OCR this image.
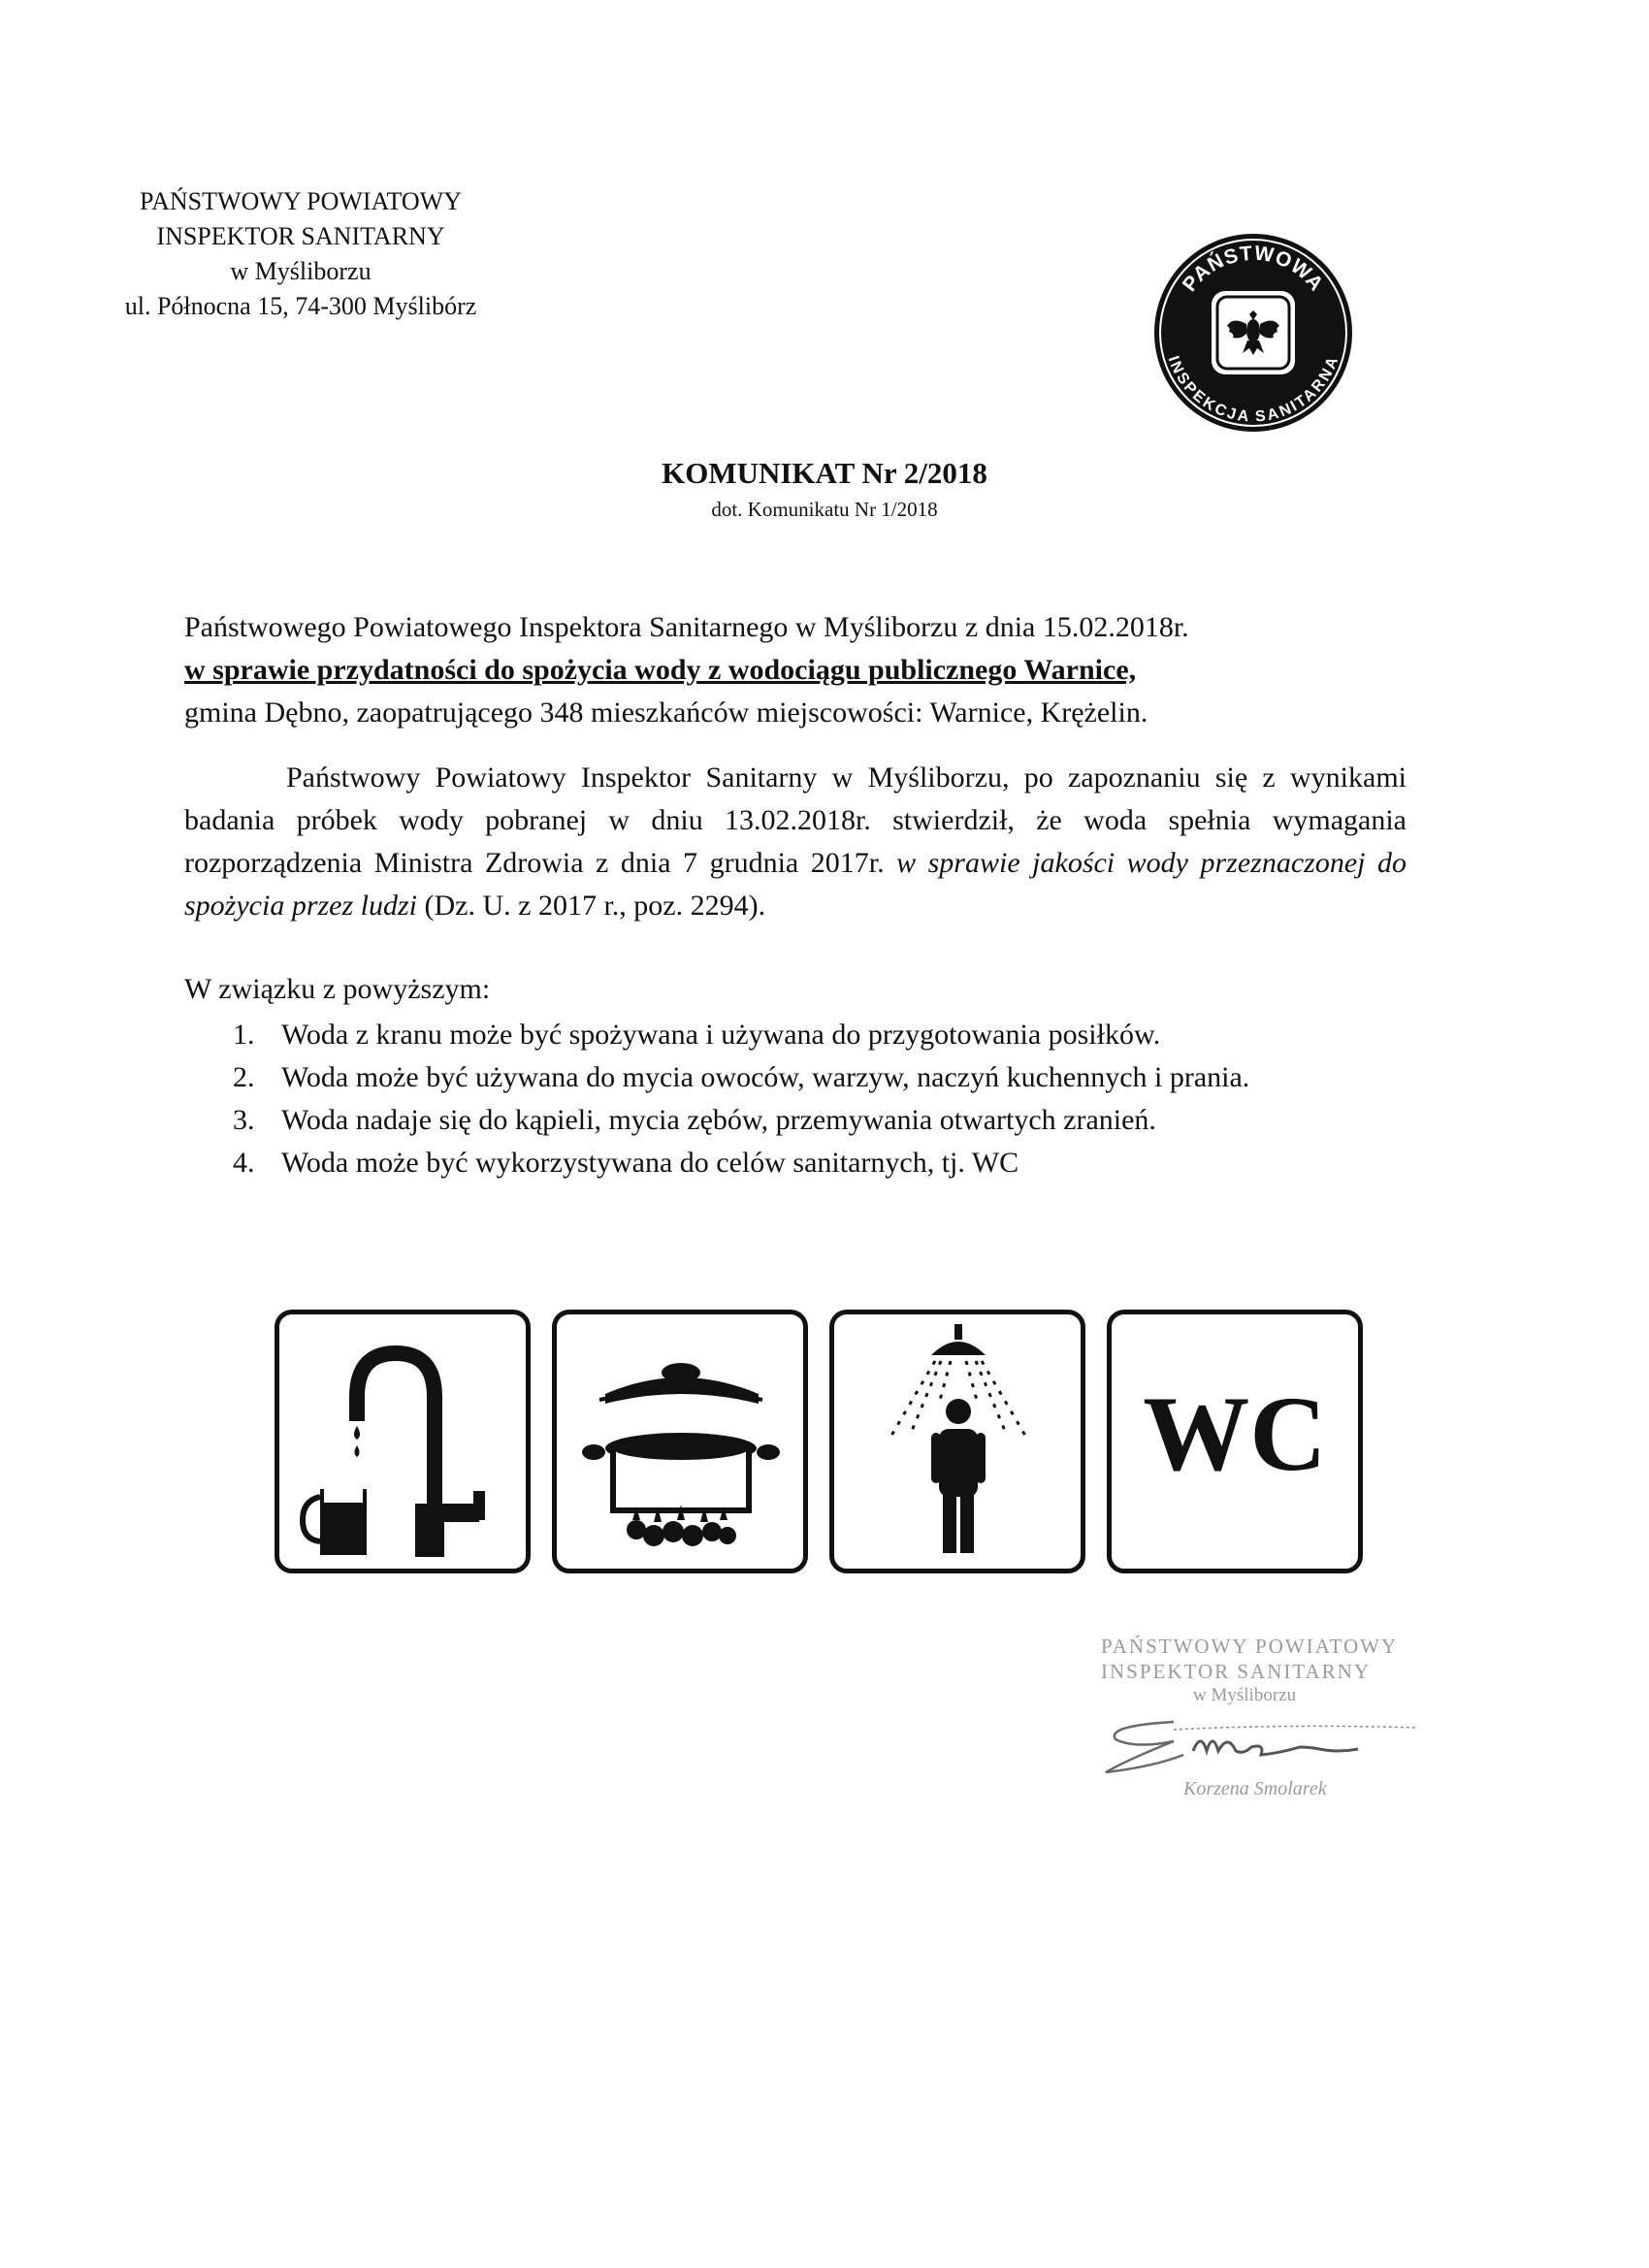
PAŃSTWOWY POWIATOWY
INSPEKTOR SANITARNY
w Myśliborzu
ul. Północna 15, 74-300 Myślibórz
PAŃSTWOWA
INSPEKCJA SANITARNA
KOMUNIKAT Nr 2/2018
dot. Komunikatu Nr 1/2018
Państwowego Powiatowego Inspektora Sanitarnego w Myśliborzu z dnia 15.02.2018r.
w sprawie przydatności do spożycia wody z wodociągu publicznego Warnice,
gmina Dębno, zaopatrującego 348 mieszkańców miejscowości: Warnice, Krężelin.

Państwowy Powiatowy Inspektor Sanitarny w Myśliborzu, po zapoznaniu się z wynikami badania próbek wody pobranej w dniu 13.02.2018r. stwierdził, że woda spełnia wymagania rozporządzenia Ministra Zdrowia z dnia 7 grudnia 2017r. w sprawie jakości wody przeznaczonej do spożycia przez ludzi (Dz. U. z 2017 r., poz. 2294).

W związku z powyższym:
1. Woda z kranu może być spożywana i używana do przygotowania posiłków.
2. Woda może być używana do mycia owoców, warzyw, naczyń kuchennych i prania.
3. Woda nadaje się do kąpieli, mycia zębów, przemywania otwartych zranień.
4. Woda może być wykorzystywana do celów sanitarnych, tj. WC
WC
PAŃSTWOWY POWIATOWY
INSPEKTOR SANITARNY
w Myśliborzu
Korzena Smolarek
